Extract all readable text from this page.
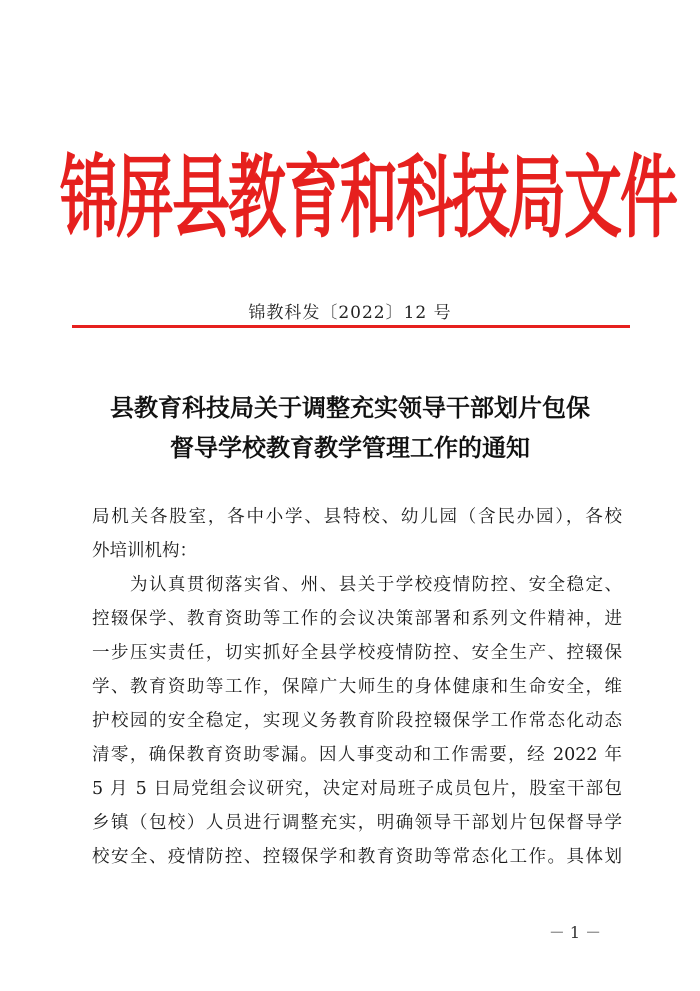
锦屏县教育和科技局文件
锦教科发〔2022〕12 号
县教育科技局关于调整充实领导干部划片包保
督导学校教育教学管理工作的通知
局机关各股室，各中小学、县特校、幼儿园（含民办园），各校
外培训机构：
　　为认真贯彻落实省、州、县关于学校疫情防控、安全稳定、
控辍保学、教育资助等工作的会议决策部署和系列文件精神，进
一步压实责任，切实抓好全县学校疫情防控、安全生产、控辍保
学、教育资助等工作，保障广大师生的身体健康和生命安全，维
护校园的安全稳定，实现义务教育阶段控辍保学工作常态化动态
清零，确保教育资助零漏。因人事变动和工作需要，经 2022 年
5 月 5 日局党组会议研究，决定对局班子成员包片，股室干部包
乡镇（包校）人员进行调整充实，明确领导干部划片包保督导学
校安全、疫情防控、控辍保学和教育资助等常态化工作。具体划
－ 1 －
